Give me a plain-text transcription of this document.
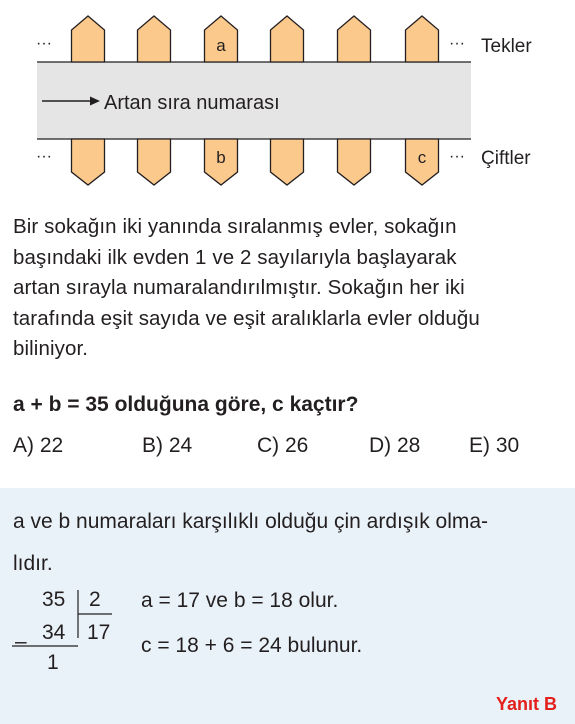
Artan sıra numarası
···
···
···
···
Tekler
Çiftler
a
b	c
Bir sokağın iki yanında sıralanmış evler, sokağın
başındaki ilk evden 1 ve 2 sayılarıyla başlayarak
artan sırayla numaralandırılmıştır. Sokağın her iki
tarafında eşit sayıda ve eşit aralıklarla evler olduğu
biliniyor.
a + b = 35 olduğuna göre, c kaçtır?
A) 22	B) 24	C) 26	D) 28 E) 30
a ve b numaraları karşılıklı olduğu çin ardışık olma-
lıdır.
35 2
34 17
–
1
a = 17 ve b = 18 olur.
c = 18 + 6 = 24 bulunur.
Yanıt B
